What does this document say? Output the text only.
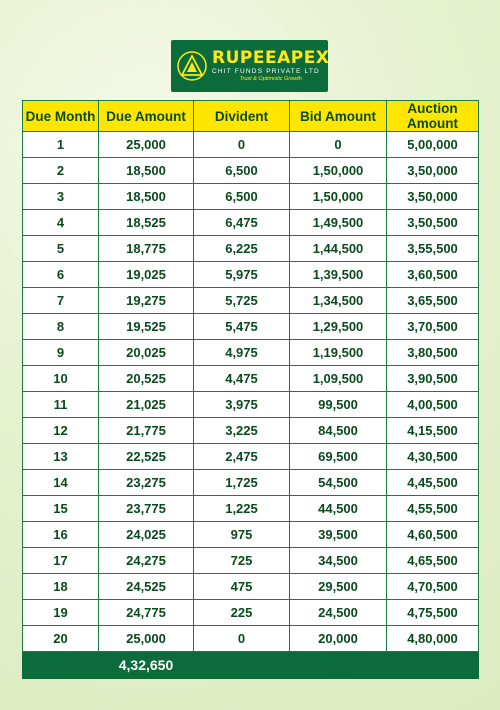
RUPEEAPEX
CHIT FUNDS PRIVATE LTD
Trust & Optimistic Growth
Due Month	Due Amount	Divident	Bid Amount	Auction Amount
1	25,000	0	0	5,00,000
2	18,500	6,500	1,50,000	3,50,000
3	18,500	6,500	1,50,000	3,50,000
4	18,525	6,475	1,49,500	3,50,500
5	18,775	6,225	1,44,500	3,55,500
6	19,025	5,975	1,39,500	3,60,500
7	19,275	5,725	1,34,500	3,65,500
8	19,525	5,475	1,29,500	3,70,500
9	20,025	4,975	1,19,500	3,80,500
10	20,525	4,475	1,09,500	3,90,500
11	21,025	3,975	99,500	4,00,500
12	21,775	3,225	84,500	4,15,500
13	22,525	2,475	69,500	4,30,500
14	23,275	1,725	54,500	4,45,500
15	23,775	1,225	44,500	4,55,500
16	24,025	975	39,500	4,60,500
17	24,275	725	34,500	4,65,500
18	24,525	475	29,500	4,70,500
19	24,775	225	24,500	4,75,500
20	25,000	0	20,000	4,80,000
	4,32,650			
